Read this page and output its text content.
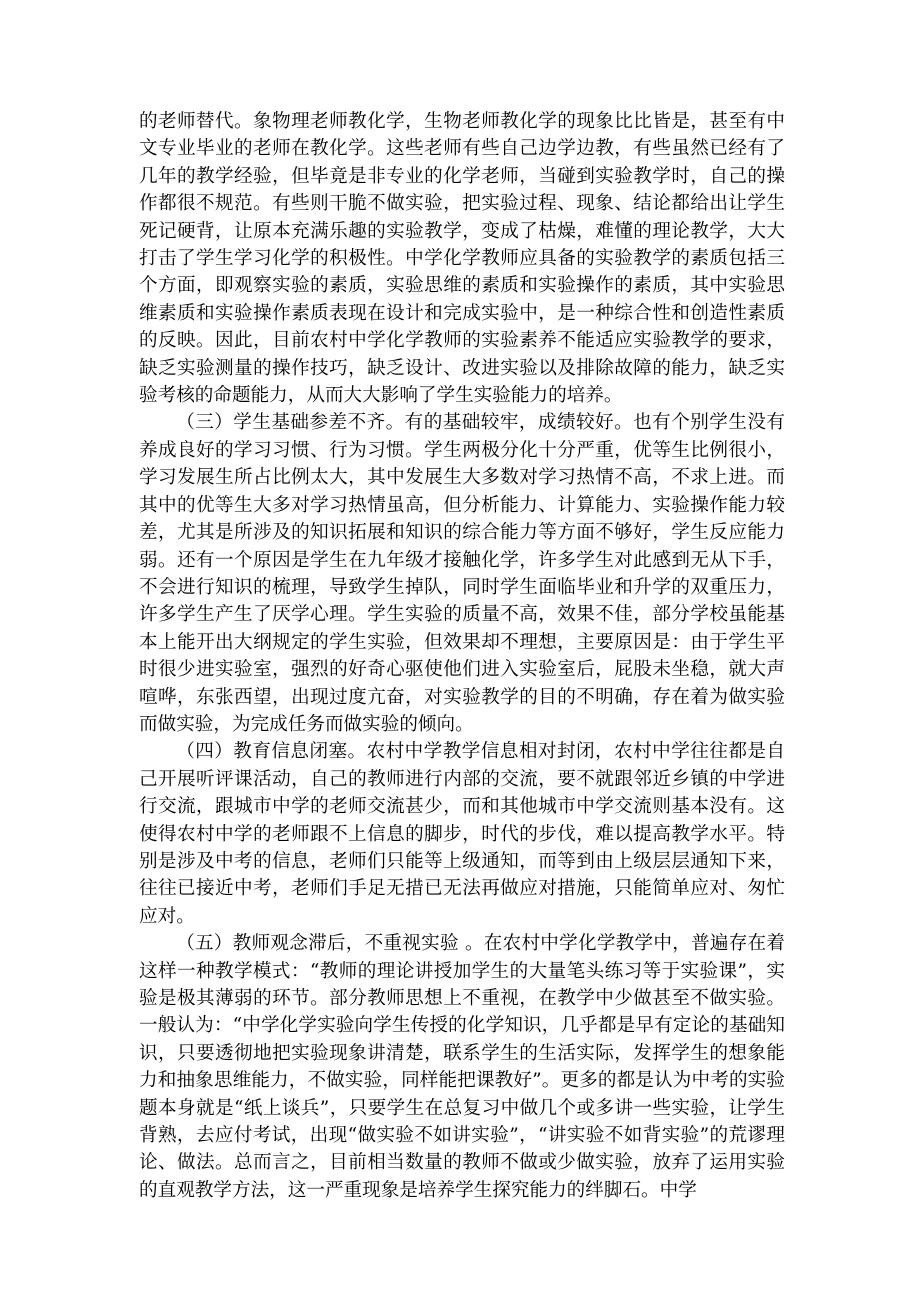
的老师替代。象物理老师教化学，生物老师教化学的现象比比皆是，甚至有中文专业毕业的老师在教化学。这些老师有些自己边学边教，有些虽然已经有了几年的教学经验，但毕竟是非专业的化学老师，当碰到实验教学时，自己的操作都很不规范。有些则干脆不做实验，把实验过程、现象、结论都给出让学生死记硬背，让原本充满乐趣的实验教学，变成了枯燥，难懂的理论教学，大大打击了学生学习化学的积极性。中学化学教师应具备的实验教学的素质包括三个方面，即观察实验的素质，实验思维的素质和实验操作的素质，其中实验思维素质和实验操作素质表现在设计和完成实验中，是一种综合性和创造性素质的反映。因此，目前农村中学化学教师的实验素养不能适应实验教学的要求，缺乏实验测量的操作技巧，缺乏设计、改进实验以及排除故障的能力，缺乏实验考核的命题能力，从而大大影响了学生实验能力的培养。

（三）学生基础参差不齐。有的基础较牢，成绩较好。也有个别学生没有养成良好的学习习惯、行为习惯。学生两极分化十分严重，优等生比例很小，学习发展生所占比例太大，其中发展生大多数对学习热情不高，不求上进。而其中的优等生大多对学习热情虽高，但分析能力、计算能力、实验操作能力较差，尤其是所涉及的知识拓展和知识的综合能力等方面不够好，学生反应能力弱。还有一个原因是学生在九年级才接触化学，许多学生对此感到无从下手，不会进行知识的梳理，导致学生掉队，同时学生面临毕业和升学的双重压力，许多学生产生了厌学心理。学生实验的质量不高，效果不佳，部分学校虽能基本上能开出大纲规定的学生实验，但效果却不理想，主要原因是：由于学生平时很少进实验室，强烈的好奇心驱使他们进入实验室后，屁股未坐稳，就大声喧哗，东张西望，出现过度亢奋，对实验教学的目的不明确，存在着为做实验而做实验，为完成任务而做实验的倾向。

（四）教育信息闭塞。农村中学教学信息相对封闭，农村中学往往都是自己开展听评课活动，自己的教师进行内部的交流，要不就跟邻近乡镇的中学进行交流，跟城市中学的老师交流甚少，而和其他城市中学交流则基本没有。这使得农村中学的老师跟不上信息的脚步，时代的步伐，难以提高教学水平。特别是涉及中考的信息，老师们只能等上级通知，而等到由上级层层通知下来，往往已接近中考，老师们手足无措已无法再做应对措施，只能简单应对、匆忙应对。

（五）教师观念滞后，不重视实验 。在农村中学化学教学中，普遍存在着这样一种教学模式：“教师的理论讲授加学生的大量笔头练习等于实验课”，实验是极其薄弱的环节。部分教师思想上不重视，在教学中少做甚至不做实验。一般认为：“中学化学实验向学生传授的化学知识，几乎都是早有定论的基础知识，只要透彻地把实验现象讲清楚，联系学生的生活实际，发挥学生的想象能力和抽象思维能力，不做实验，同样能把课教好”。更多的都是认为中考的实验题本身就是“纸上谈兵”，只要学生在总复习中做几个或多讲一些实验，让学生背熟，去应付考试，出现“做实验不如讲实验”，“讲实验不如背实验”的荒谬理论、做法。总而言之，目前相当数量的教师不做或少做实验，放弃了运用实验的直观教学方法，这一严重现象是培养学生探究能力的绊脚石。中学
